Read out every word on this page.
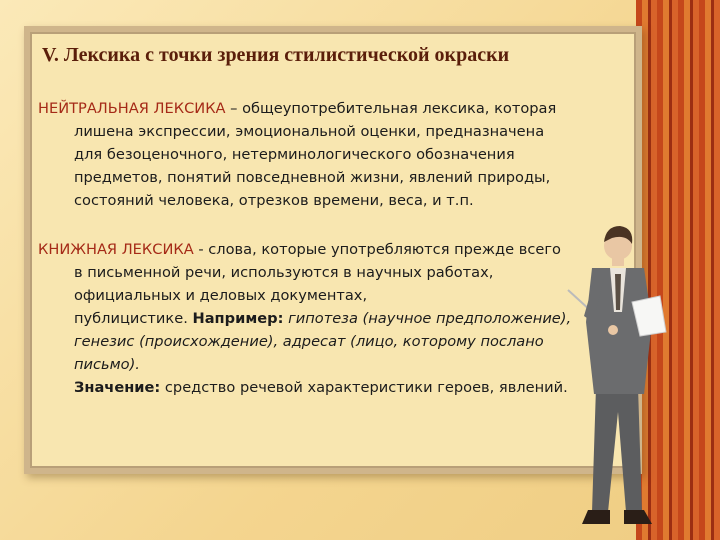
V. Лексика с точки зрения стилистической окраски
НЕЙТРАЛЬНАЯ ЛЕКСИКА – общеупотребительная лексика, которая
лишена экспрессии, эмоциональной оценки, предназначена
для безоценочного, нетерминологического обозначения
предметов, понятий повседневной жизни, явлений природы,
состояний человека, отрезков времени, веса, и т.п.
КНИЖНАЯ ЛЕКСИКА - слова, которые употребляются прежде всего
в письменной речи, используются в научных работах,
официальных и деловых документах,
публицистике. Например: гипотеза (научное предположение),
генезис (происхождение), адресат (лицо, которому послано
письмо).
Значение: средство речевой характеристики героев, явлений.
